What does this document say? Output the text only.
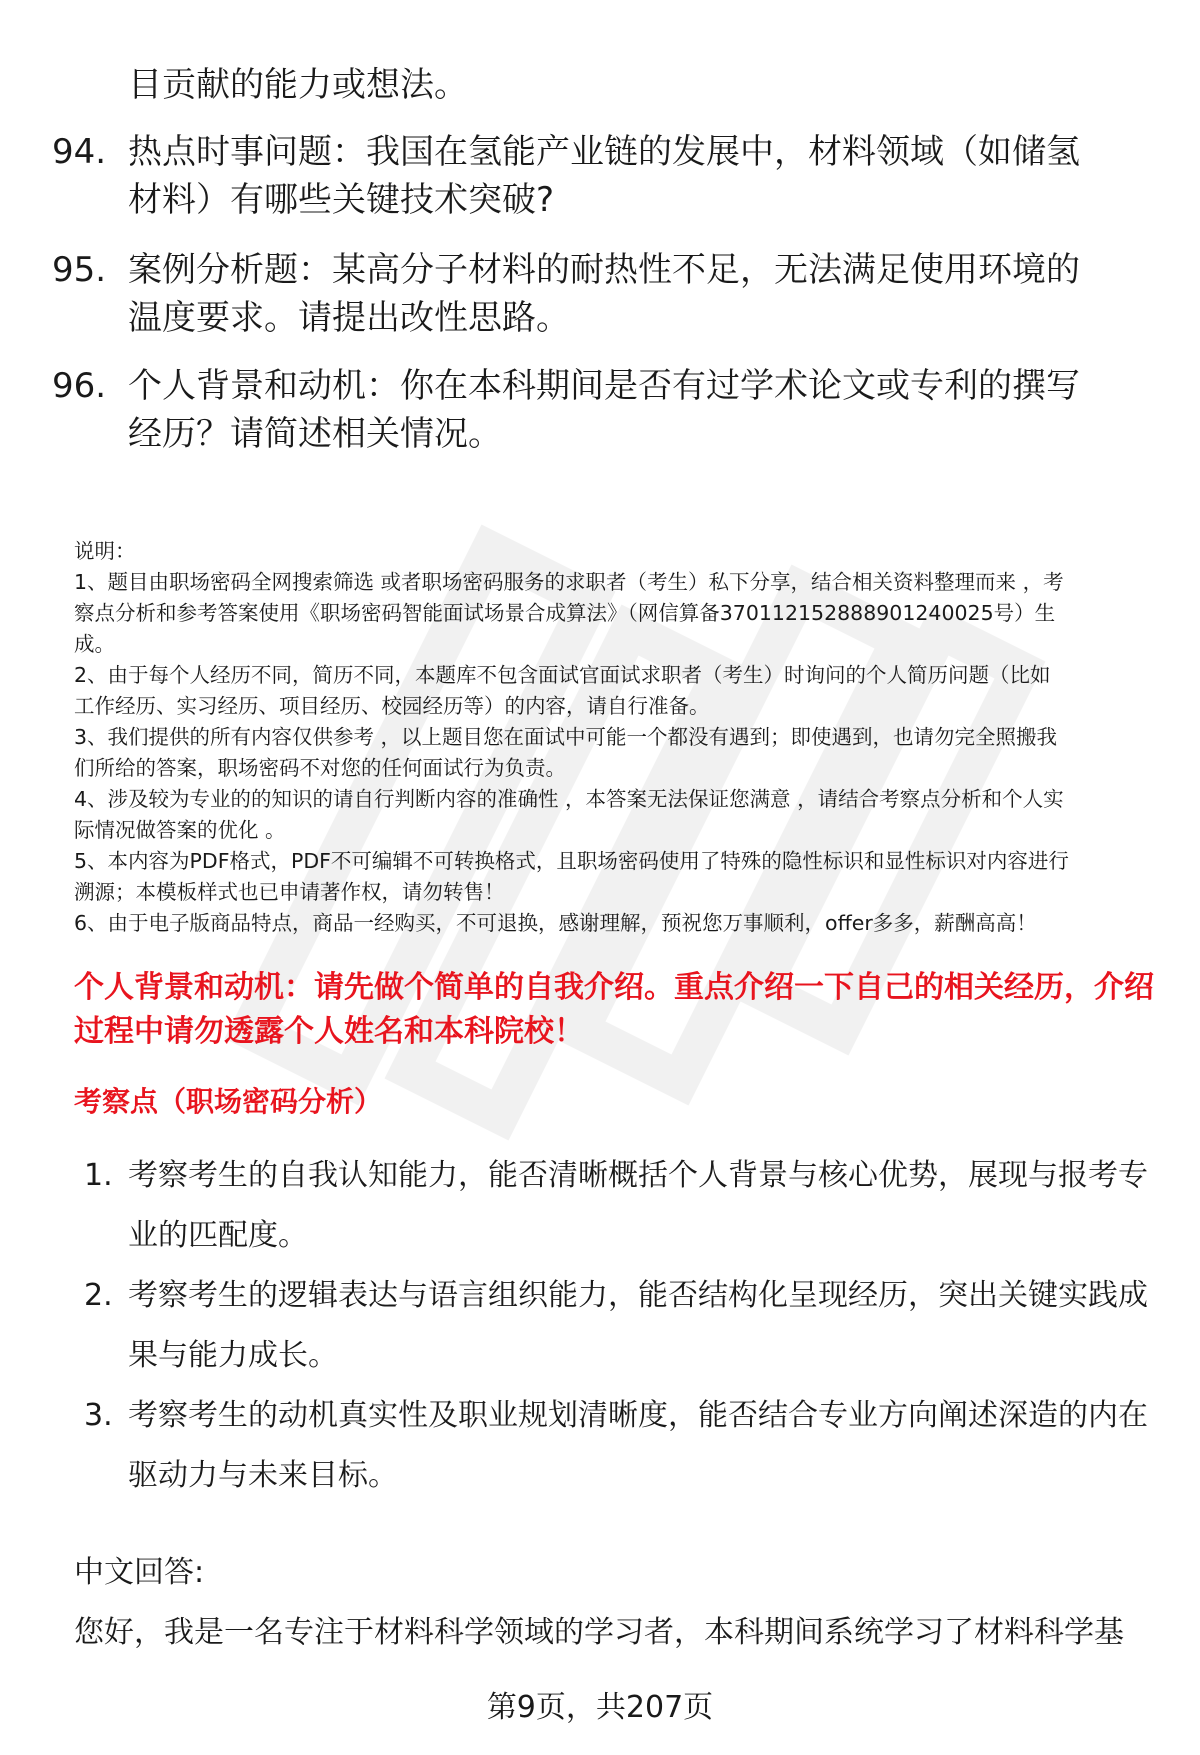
目贡献的能力或想法。
94. 热点时事问题：我国在氢能产业链的发展中，材料领域（如储氢
材料）有哪些关键技术突破?
95. 案例分析题：某高分子材料的耐热性不足，无法满足使用环境的
温度要求。请提出改性思路。
96. 个人背景和动机：你在本科期间是否有过学术论文或专利的撰写
经历？请简述相关情况。

说明：

1、题目由职场密码全网搜索筛选 或者职场密码服务的求职者（考生）私下分享，结合相关资料整理而来 ，考

察点分析和参考答案使用《职场密码智能面试场景合成算法》（网信算备370112152888901240025号）生

成。

2、由于每个人经历不同，简历不同，本题库不包含面试官面试求职者（考生）时询问的个人简历问题（比如

工作经历、实习经历、项目经历、校园经历等）的内容，请自行准备。

3、我们提供的所有内容仅供参考 ，以上题目您在面试中可能一个都没有遇到；即使遇到，也请勿完全照搬我

们所给的答案，职场密码不对您的任何面试行为负责。

4、涉及较为专业的的知识的请自行判断内容的准确性 ，本答案无法保证您满意 ，请结合考察点分析和个人实

际情况做答案的优化 。

5、本内容为PDF格式，PDF不可编辑不可转换格式，且职场密码使用了特殊的隐性标识和显性标识对内容进行

溯源；本模板样式也已申请著作权，请勿转售！

6、由于电子版商品特点，商品一经购买，不可退换，感谢理解，预祝您万事顺利，offer多多，薪酬高高！

个人背景和动机：请先做个简单的自我介绍。重点介绍一下自己的相关经历，介绍
过程中请勿透露个人姓名和本科院校！
考察点（职场密码分析）
1. 考察考生的自我认知能力，能否清晰概括个人背景与核心优势，展现与报考专
业的匹配度。
2. 考察考生的逻辑表达与语言组织能力，能否结构化呈现经历，突出关键实践成
果与能力成长。
3. 考察考生的动机真实性及职业规划清晰度，能否结合专业方向阐述深造的内在
驱动力与未来目标。
中文回答:
您好，我是一名专注于材料科学领域的学习者，本科期间系统学习了材料科学基
第9页，共207页
